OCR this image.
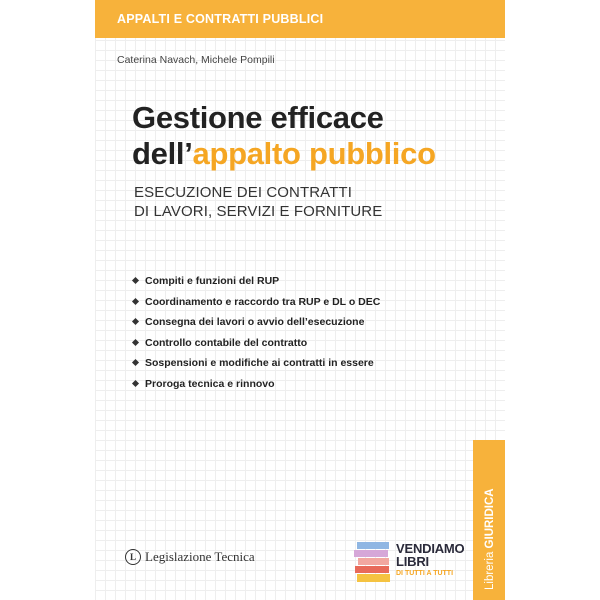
APPALTI E CONTRATTI PUBBLICI
Caterina Navach, Michele Pompili
Gestione efficace
dell’appalto pubblico
ESECUZIONE DEI CONTRATTI
DI LAVORI, SERVIZI E FORNITURE
Compiti e funzioni del RUP
Coordinamento e raccordo tra RUP e DL o DEC
Consegna dei lavori o avvio dell’esecuzione
Controllo contabile del contratto
Sospensioni e modifiche ai contratti in essere
Proroga tecnica e rinnovo
Libreria GIURIDICA
L Legislazione Tecnica
VENDIAMO
LIBRI
DI TUTTI A TUTTI
